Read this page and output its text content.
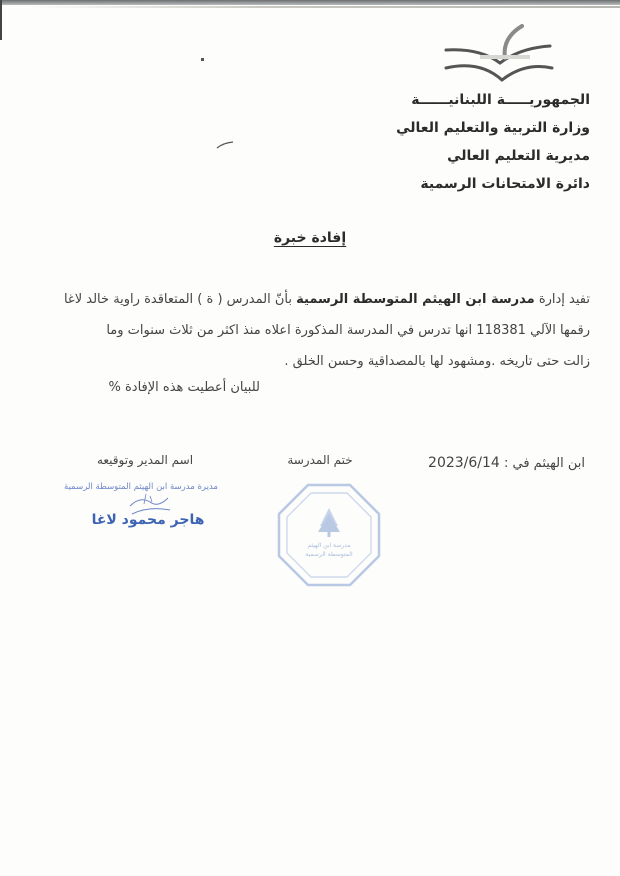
الجمهوريـــــة اللبنانيــــــة
وزارة التربية والتعليم العالي
مديرية التعليم العالي
دائرة الامتحانات الرسمية
إفادة خبرة
تفيد إدارة مدرسة ابن الهيثم المتوسطة الرسمية بأنّ المدرس ( ة ) المتعاقدة راوية خالد لاغا
رقمها الآلي 118381 انها تدرس في المدرسة المذكورة اعلاه منذ اكثر من ثلاث سنوات وما
زالت حتى تاريخه .ومشهود لها بالمصداقية وحسن الخلق .
للبيان أعطيت هذه الإفادة %
ابن الهيثم في : 2023/6/14
ختم المدرسة
اسم المدير وتوقيعه
مديرة مدرسة ابن الهيثم المتوسطة الرسمية
هاجر محمود لاغا
مدرسة ابن الهيثم
المتوسطة الرسمية
